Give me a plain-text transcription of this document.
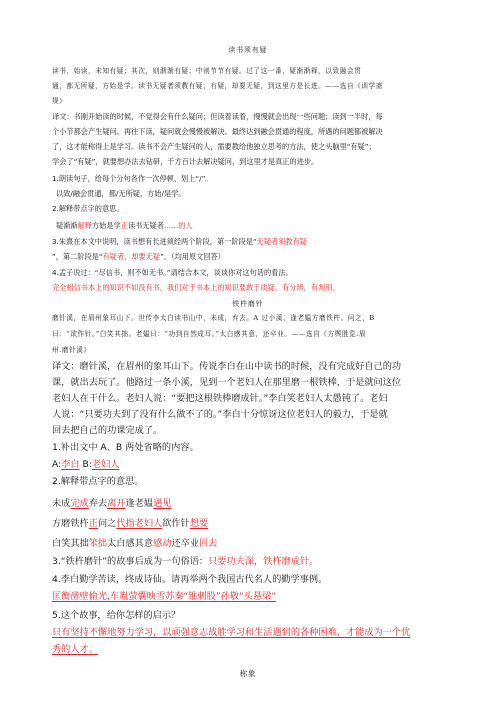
读书须有疑
读书，始读，未知有疑；其次，则渐渐有疑；中则节节有疑。过了这一番，疑渐渐释，以致融会贯
通，都无所疑，方始是学。读书无疑者须教有疑，有疑，却要无疑，到这里方是长进。——选自《训学斋
规》
译文：书刚开始读的时候，不觉得会有什么疑问；但读着读着，慢慢就会出现一些问题；读到一半时，每
个小节都会产生疑问。再往下读，疑问就会慢慢被解决。最终达到融会贯通的程度，所遇的问题都被解决
了，这才能称得上是学习。读书不会产生疑问的人，需要教给他独立思考的方法，使之头脑里“有疑”；
学会了“有疑”，就要想办法去钻研，千方百计去解决疑问，到这里才是真正的进步。
1.朗读句子，给每个分句各作一次停顿，划上“/”。
以致/融会贯通，都/无所疑，方始/是学。
2.解释带点字的意思。
疑渐渐解释方始是学正读书无疑者……的人
3.朱熹在本文中说明，读书想有长进须经两个阶段，第一阶段是“无疑者须教有疑
”，第二阶段是“有疑者，却要无疑”。（均用原文回答）
4.孟子说过：“尽信书，则不如无书。”请结合本文，谈谈你对这句话的看法。
完全相信书本上的知识不如没有书，我们对于书本上的知识要敢于质疑，有分辨，有判别。
铁杵磨针
磨针溪，在眉州象耳山下。世传李太白读书山中，未成，弃去。A 过小溪，逢老媪方磨铁杵。问之，B
曰：“欲作针。”白笑其拙。老媪曰：“功到自然成耳。”太白感其意，还卒业。——选自《方舆胜览.眉
州.磨针溪》
译文：磨针溪，在眉州的象耳山下。传说李白在山中读书的时候，没有完成好自己的功
课，就出去玩了。他路过一条小溪，见到一个老妇人在那里磨一根铁棒，于是就问这位
老妇人在干什么。老妇人说：“要把这根铁棒磨成针。”李白笑老妇人太愚钝了。老妇
人说：“只要功夫到了没有什么做不了的。”李白十分惊讶这位老妇人的毅力，于是就
回去把自己的功课完成了。
1.补出文中 A、B 两处省略的内容。
A:李白 B:老妇人
2.解释带点字的意思。
未成完成弃去离开逢老媪遇见
方磨铁杵正问之代指老妇人欲作针想要
白笑其拙笨拙太白感其意感动还卒业回去
3.“铁杵磨针”的故事后成为一句俗语：只要功夫深，铁杵磨成针。
4.李白勤学苦读，终成诗仙。请再举两个我国古代名人的勤学事例。
匡衡凿壁偷光,车胤萤囊映雪苏秦“锥刺股”孙敬“头悬梁”
5.这个故事，给你怎样的启示？
只有坚持不懈地努力学习，以顽强意志战胜学习和生活遇到的各种困难，才能成为一个优
秀的人才。
称象
